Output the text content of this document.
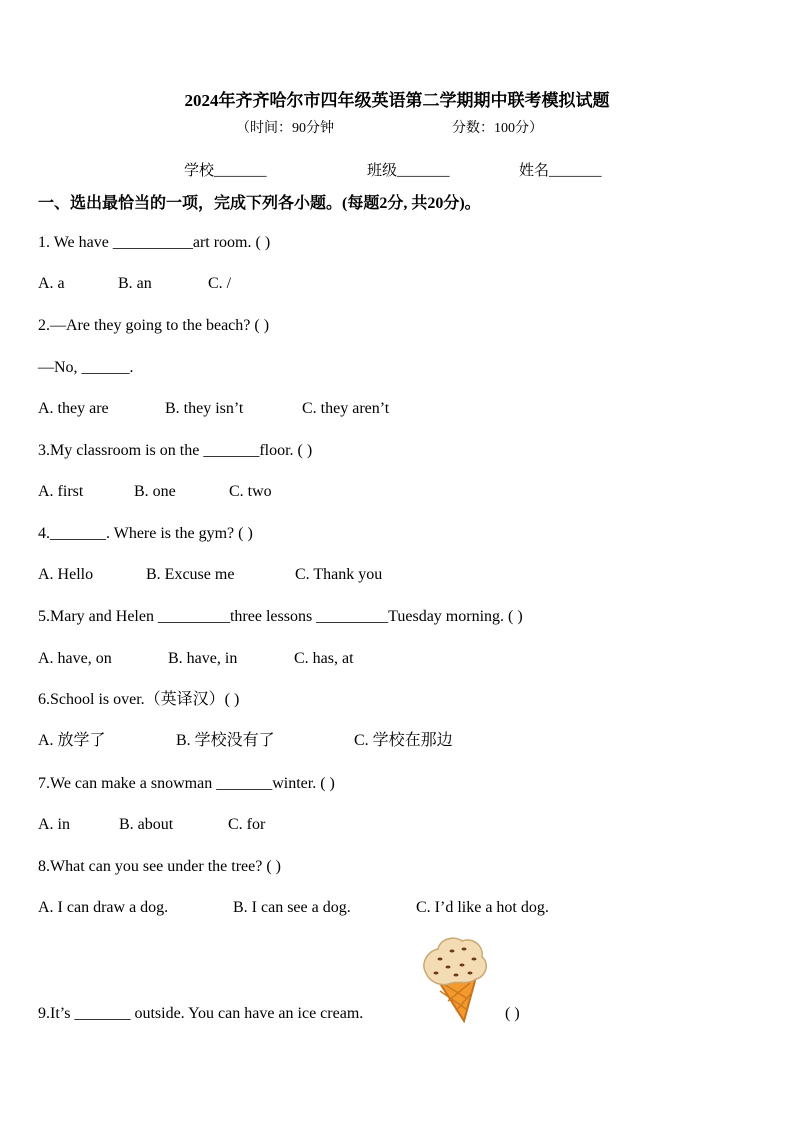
2024年齐齐哈尔市四年级英语第二学期期中联考模拟试题
（时间：90分钟	分数：100分）
学校_______	班级_______	姓名_______
一、选出最恰当的一项，完成下列各小题。(每题2分, 共20分)。
1. We have __________art room. ( )
A. a	B. an	C. /
2.—Are they going to the beach? ( )
—No, ______.
A. they are	B. they isn’t	C. they aren’t
3.My classroom is on the _______floor. ( )
A. first	B. one	C. two
4._______. Where is the gym? ( )
A. Hello	B. Excuse me	C. Thank you
5.Mary and Helen _________three lessons _________Tuesday morning. ( )
A. have, on	B. have, in	C. has, at
6.School is over.（英译汉）( )
A. 放学了	B. 学校没有了	C. 学校在那边
7.We can make a snowman _______winter. ( )
A. in	B. about	C. for
8.What can you see under the tree? ( )
A. I can draw a dog.	B. I can see a dog.	C. I’d like a hot dog.
9.It’s _______ outside. You can have an ice cream.	( )
